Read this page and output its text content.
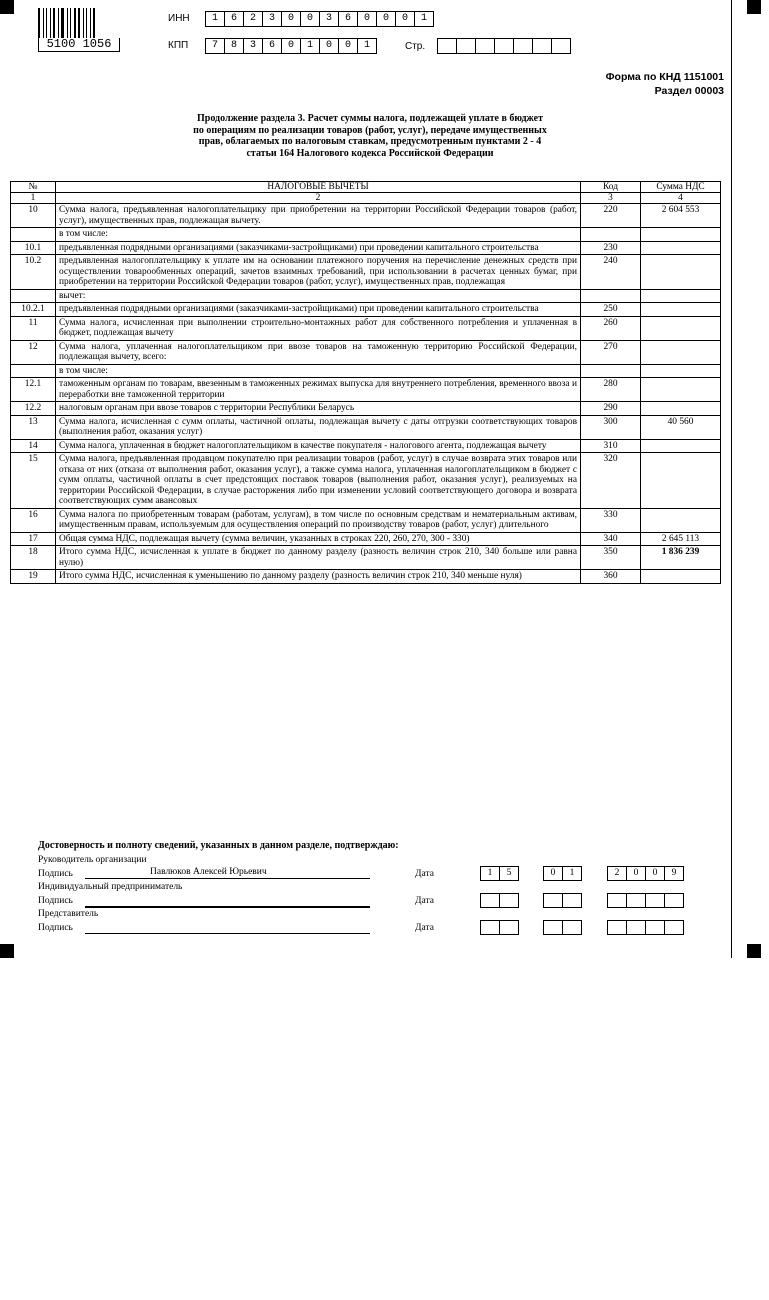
5100 1056
ИНН	1	6	2	3	0	0	3	6	0	0	0	1
КПП	7	8	3	6	0	1	0	0	1	Стр.
Форма по КНД 1151001
Раздел 00003
Продолжение раздела 3. Расчет суммы налога, подлежащей уплате в бюджет
по операциям по реализации товаров (работ, услуг), передаче имущественных
прав, облагаемых по налоговым ставкам, предусмотренным пунктами 2 - 4
статьи 164 Налогового кодекса Российской Федерации
№	НАЛОГОВЫЕ ВЫЧЕТЫ	Код	Сумма НДС
1	2	3	4
10	Сумма налога, предъявленная налогоплательщику при приобретении на территории Российской Федерации товаров (работ, услуг), имущественных прав, подлежащая вычету.	220	2 604 553
	в том числе:		
10.1	предъявленная подрядными организациями (заказчиками-застройщиками) при проведении капитального строительства	230	
10.2	предъявленная налогоплательщику к уплате им на основании платежного поручения на перечисление денежных средств при осуществлении товарообменных операций, зачетов взаимных требований, при использовании в расчетах ценных бумаг, при приобретении на территории Российской Федерации товаров (работ, услуг), имущественных прав, подлежащая	240	
	вычет:		
10.2.1	предъявленная подрядными организациями (заказчиками-застройщиками) при проведении капитального строительства	250	
11	Сумма налога, исчисленная при выполнении строительно-монтажных работ для собственного потребления и уплаченная в бюджет, подлежащая вычету	260	
12	Сумма налога, уплаченная налогоплательщиком при ввозе товаров на таможенную территорию Российской Федерации, подлежащая вычету, всего:	270	
	в том числе:		
12.1	таможенным органам по товарам, ввезенным в таможенных режимах выпуска для внутреннего потребления, временного ввоза и переработки вне таможенной территории	280	
12.2	налоговым органам при ввозе товаров с территории Республики Беларусь	290	
13	Сумма налога, исчисленная с сумм оплаты, частичной оплаты, подлежащая вычету с даты отгрузки соответствующих товаров (выполнения работ, оказания услуг)	300	40 560
14	Сумма налога, уплаченная в бюджет налогоплательщиком в качестве покупателя - налогового агента, подлежащая вычету	310	
15	Сумма налога, предъявленная продавцом покупателю при реализации товаров (работ, услуг) в случае возврата этих товаров или отказа от них (отказа от выполнения работ, оказания услуг), а также сумма налога, уплаченная налогоплательщиком в бюджет с сумм оплаты, частичной оплаты в счет предстоящих поставок товаров (выполнения работ, оказания услуг), реализуемых на территории Российской Федерации, в случае расторжения либо при изменении условий соответствующего договора и возврата соответствующих сумм авансовых	320	
16	Сумма налога по приобретенным товарам (работам, услугам), в том числе по основным средствам и нематериальным активам, имущественным правам, используемым для осуществления операций по производству товаров (работ, услуг) длительного	330	
17	Общая сумма НДС, подлежащая вычету (сумма величин, указанных в строках 220, 260, 270, 300 - 330)	340	2 645 113
18	Итого сумма НДС, исчисленная к уплате в бюджет по данному разделу (разность величин строк 210, 340 больше или равна нулю)	350	1 836 239
19	Итого сумма НДС, исчисленная к уменьшению по данному разделу (разность величин строк 210, 340 меньше нуля)	360	
Достоверность и полноту сведений, указанных в данном разделе, подтверждаю:
Руководитель организации
Подпись	Павлюков Алексей Юрьевич	Дата	1	5	0	1	2	0	0	9
Индивидуальный предприниматель
Подпись	Дата
Представитель
Подпись	Дата
